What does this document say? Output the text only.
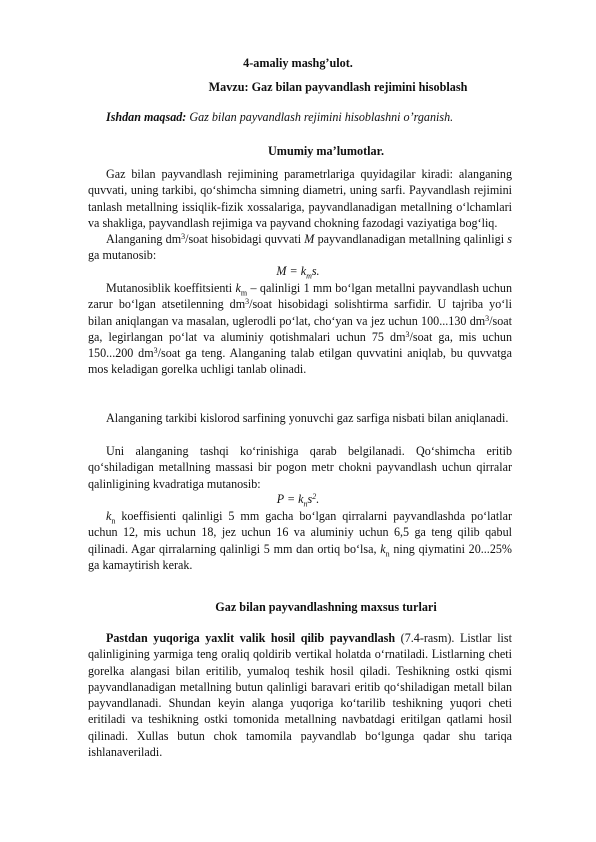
4-amaliy mashg’ulot.
Mavzu: Gaz bilan payvandlash rejimini hisoblash
Ishdan maqsad: Gaz bilan payvandlash rejimini hisoblashni o’rganish.
Umumiy ma’lumotlar.

Gaz bilan payvandlash rejimining parametrlariga quyidagilar kiradi: alanganing quvvati, uning tarkibi, qo‘shimcha simning diametri, uning sarfi. Payvandlash rejimini tanlash metallning issiqlik-fizik xossalariga, payvandlanadigan metallning o‘lchamlari va shakliga, payvandlash rejimiga va payvand chokning fazodagi vaziyatiga bog‘liq.

Alanganing $dm^3$/soat hisobidagi quvvati M payvandlanadigan metallning qalinligi s ga mutanosib:

$M = k_ms$.

Mutanosiblik koeffitsienti $k_m$ – qalinligi 1 mm bo‘lgan metallni payvandlash uchun zarur bo‘lgan atsetilenning $dm^3$/soat hisobidagi solishtirma sarfidir. U tajriba yo‘li bilan aniqlangan va masalan, uglerodli po‘lat, cho‘yan va jez uchun 100...130 $dm^3$/soat ga, legirlangan po‘lat va aluminiy qotishmalari uchun 75 $dm^3$/soat ga, mis uchun 150...200 $dm^3$/soat ga teng. Alanganing talab etilgan quvvatini aniqlab, bu quvvatga mos keladigan gorelka uchligi tanlab olinadi.

Alanganing tarkibi kislorod sarfining yonuvchi gaz sarfiga nisbati bilan aniqlanadi.

Uni alanganing tashqi ko‘rinishiga qarab belgilanadi. Qo‘shimcha eritib qo‘shiladigan metallning massasi bir pogon metr chokni payvandlash uchun qirralar qalinligining kvadratiga mutanosib:

$P = k_ns^2$.

$k_n$ koeffisienti qalinligi 5 mm gacha bo‘lgan qirralarni payvandlashda po‘latlar uchun 12, mis uchun 18, jez uchun 16 va aluminiy uchun 6,5 ga teng qilib qabul qilinadi. Agar qirralarning qalinligi 5 mm dan ortiq bo‘lsa, $k_n$ ning qiymatini 20...25% ga kamaytirish kerak.

Gaz bilan payvandlashning maxsus turlari

Pastdan yuqoriga yaxlit valik hosil qilib payvandlash (7.4-rasm). Listlar list qalinligining yarmiga teng oraliq qoldirib vertikal holatda o‘rnatiladi. Listlarning cheti gorelka alangasi bilan eritilib, yumaloq teshik hosil qiladi. Teshikning ostki qismi payvandlanadigan metallning butun qalinligi baravari eritib qo‘shiladigan metall bilan payvandlanadi. Shundan keyin alanga yuqoriga ko‘tarilib teshikning yuqori cheti eritiladi va teshikning ostki tomonida metallning navbatdagi eritilgan qatlami hosil qilinadi. Xullas butun chok tamomila payvandlab bo‘lgunga qadar shu tariqa ishlanaveriladi.
